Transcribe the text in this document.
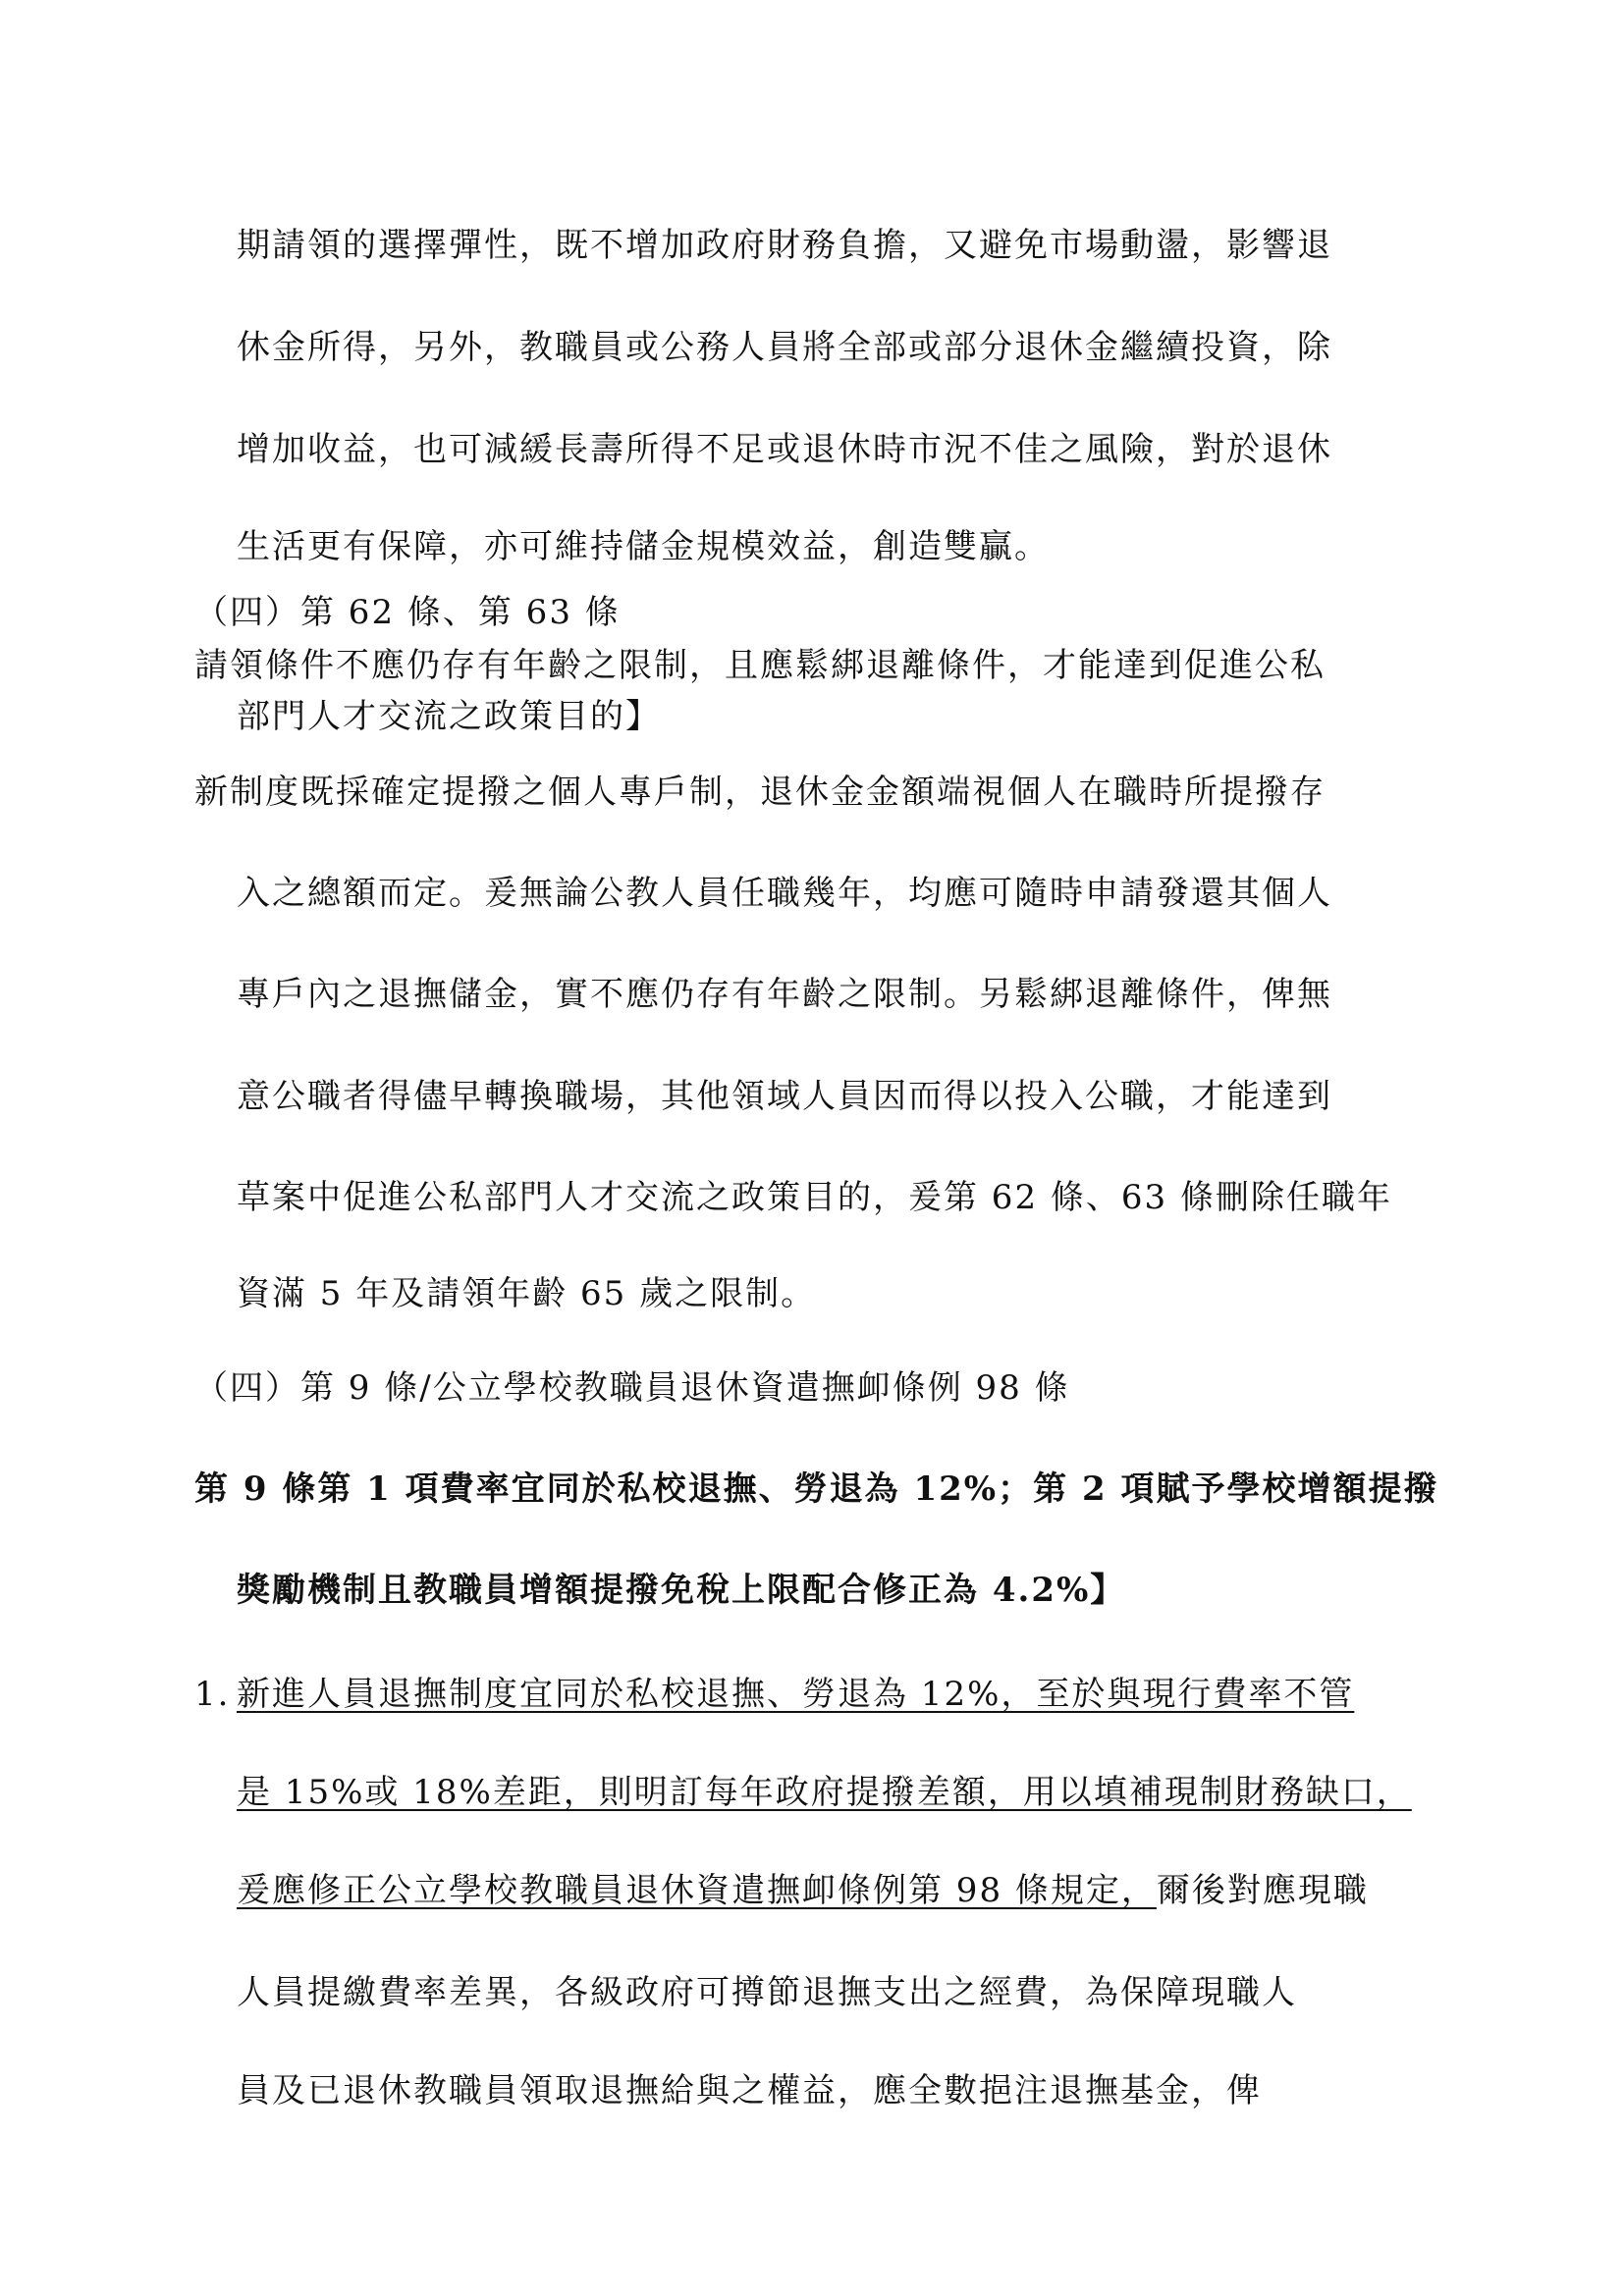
期請領的選擇彈性，既不增加政府財務負擔，又避免市場動盪，影響退
休金所得，另外，教職員或公務人員將全部或部分退休金繼續投資，除
增加收益，也可減緩長壽所得不足或退休時市況不佳之風險，對於退休
生活更有保障，亦可維持儲金規模效益，創造雙贏。
（四）第 62 條、第 63 條
請領條件不應仍存有年齡之限制，且應鬆綁退離條件，才能達到促進公私
部門人才交流之政策目的】
新制度既採確定提撥之個人專戶制，退休金金額端視個人在職時所提撥存
入之總額而定。爰無論公教人員任職幾年，均應可隨時申請發還其個人
專戶內之退撫儲金，實不應仍存有年齡之限制。另鬆綁退離條件，俾無
意公職者得儘早轉換職場，其他領域人員因而得以投入公職，才能達到
草案中促進公私部門人才交流之政策目的，爰第 62 條、63 條刪除任職年
資滿 5 年及請領年齡 65 歲之限制。
（四）第 9 條/公立學校教職員退休資遣撫卹條例 98 條
第 9 條第 1 項費率宜同於私校退撫、勞退為 12%；第 2 項賦予學校增額提撥
獎勵機制且教職員增額提撥免稅上限配合修正為 4.2%】
1. 新進人員退撫制度宜同於私校退撫、勞退為 12%，至於與現行費率不管
是 15%或 18%差距，則明訂每年政府提撥差額，用以填補現制財務缺口，
爰應修正公立學校教職員退休資遣撫卹條例第 98 條規定，爾後對應現職
人員提繳費率差異，各級政府可撙節退撫支出之經費，為保障現職人
員及已退休教職員領取退撫給與之權益，應全數挹注退撫基金，俾
